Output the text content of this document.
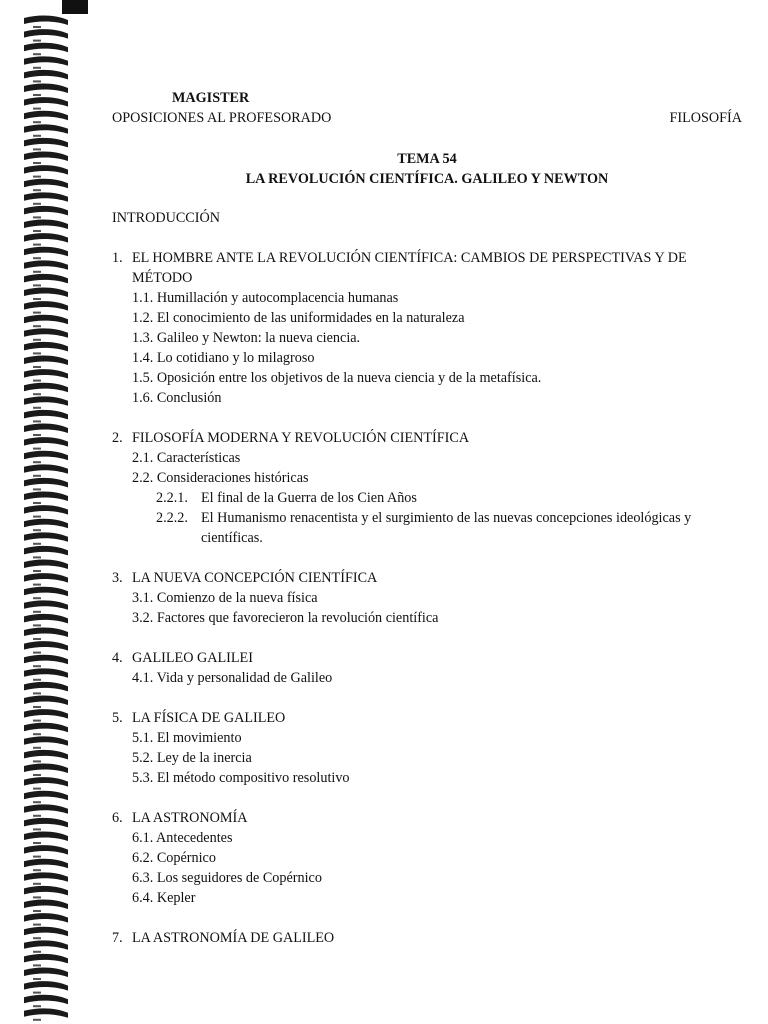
MAGISTER
OPOSICIONES AL PROFESORADO	FILOSOFÍA
TEMA 54
LA REVOLUCIÓN CIENTÍFICA. GALILEO Y NEWTON
INTRODUCCIÓN
1. EL HOMBRE ANTE LA REVOLUCIÓN CIENTÍFICA: CAMBIOS DE PERSPECTIVAS Y DE MÉTODO
1.1. Humillación y autocomplacencia humanas
1.2. El conocimiento de las uniformidades en la naturaleza
1.3. Galileo y Newton: la nueva ciencia.
1.4. Lo cotidiano y lo milagroso
1.5. Oposición entre los objetivos de la nueva ciencia y de la metafísica.
1.6. Conclusión
2. FILOSOFÍA MODERNA Y REVOLUCIÓN CIENTÍFICA
2.1. Características
2.2. Consideraciones históricas
2.2.1. El final de la Guerra de los Cien Años
2.2.2. El Humanismo renacentista y el surgimiento de las nuevas concepciones ideológicas y científicas.
3. LA NUEVA CONCEPCIÓN CIENTÍFICA
3.1. Comienzo de la nueva física
3.2. Factores que favorecieron la revolución científica
4. GALILEO GALILEI
4.1. Vida y personalidad de Galileo
5. LA FÍSICA DE GALILEO
5.1. El movimiento
5.2. Ley de la inercia
5.3. El método compositivo resolutivo
6. LA ASTRONOMÍA
6.1. Antecedentes
6.2. Copérnico
6.3. Los seguidores de Copérnico
6.4. Kepler
7. LA ASTRONOMÍA DE GALILEO
